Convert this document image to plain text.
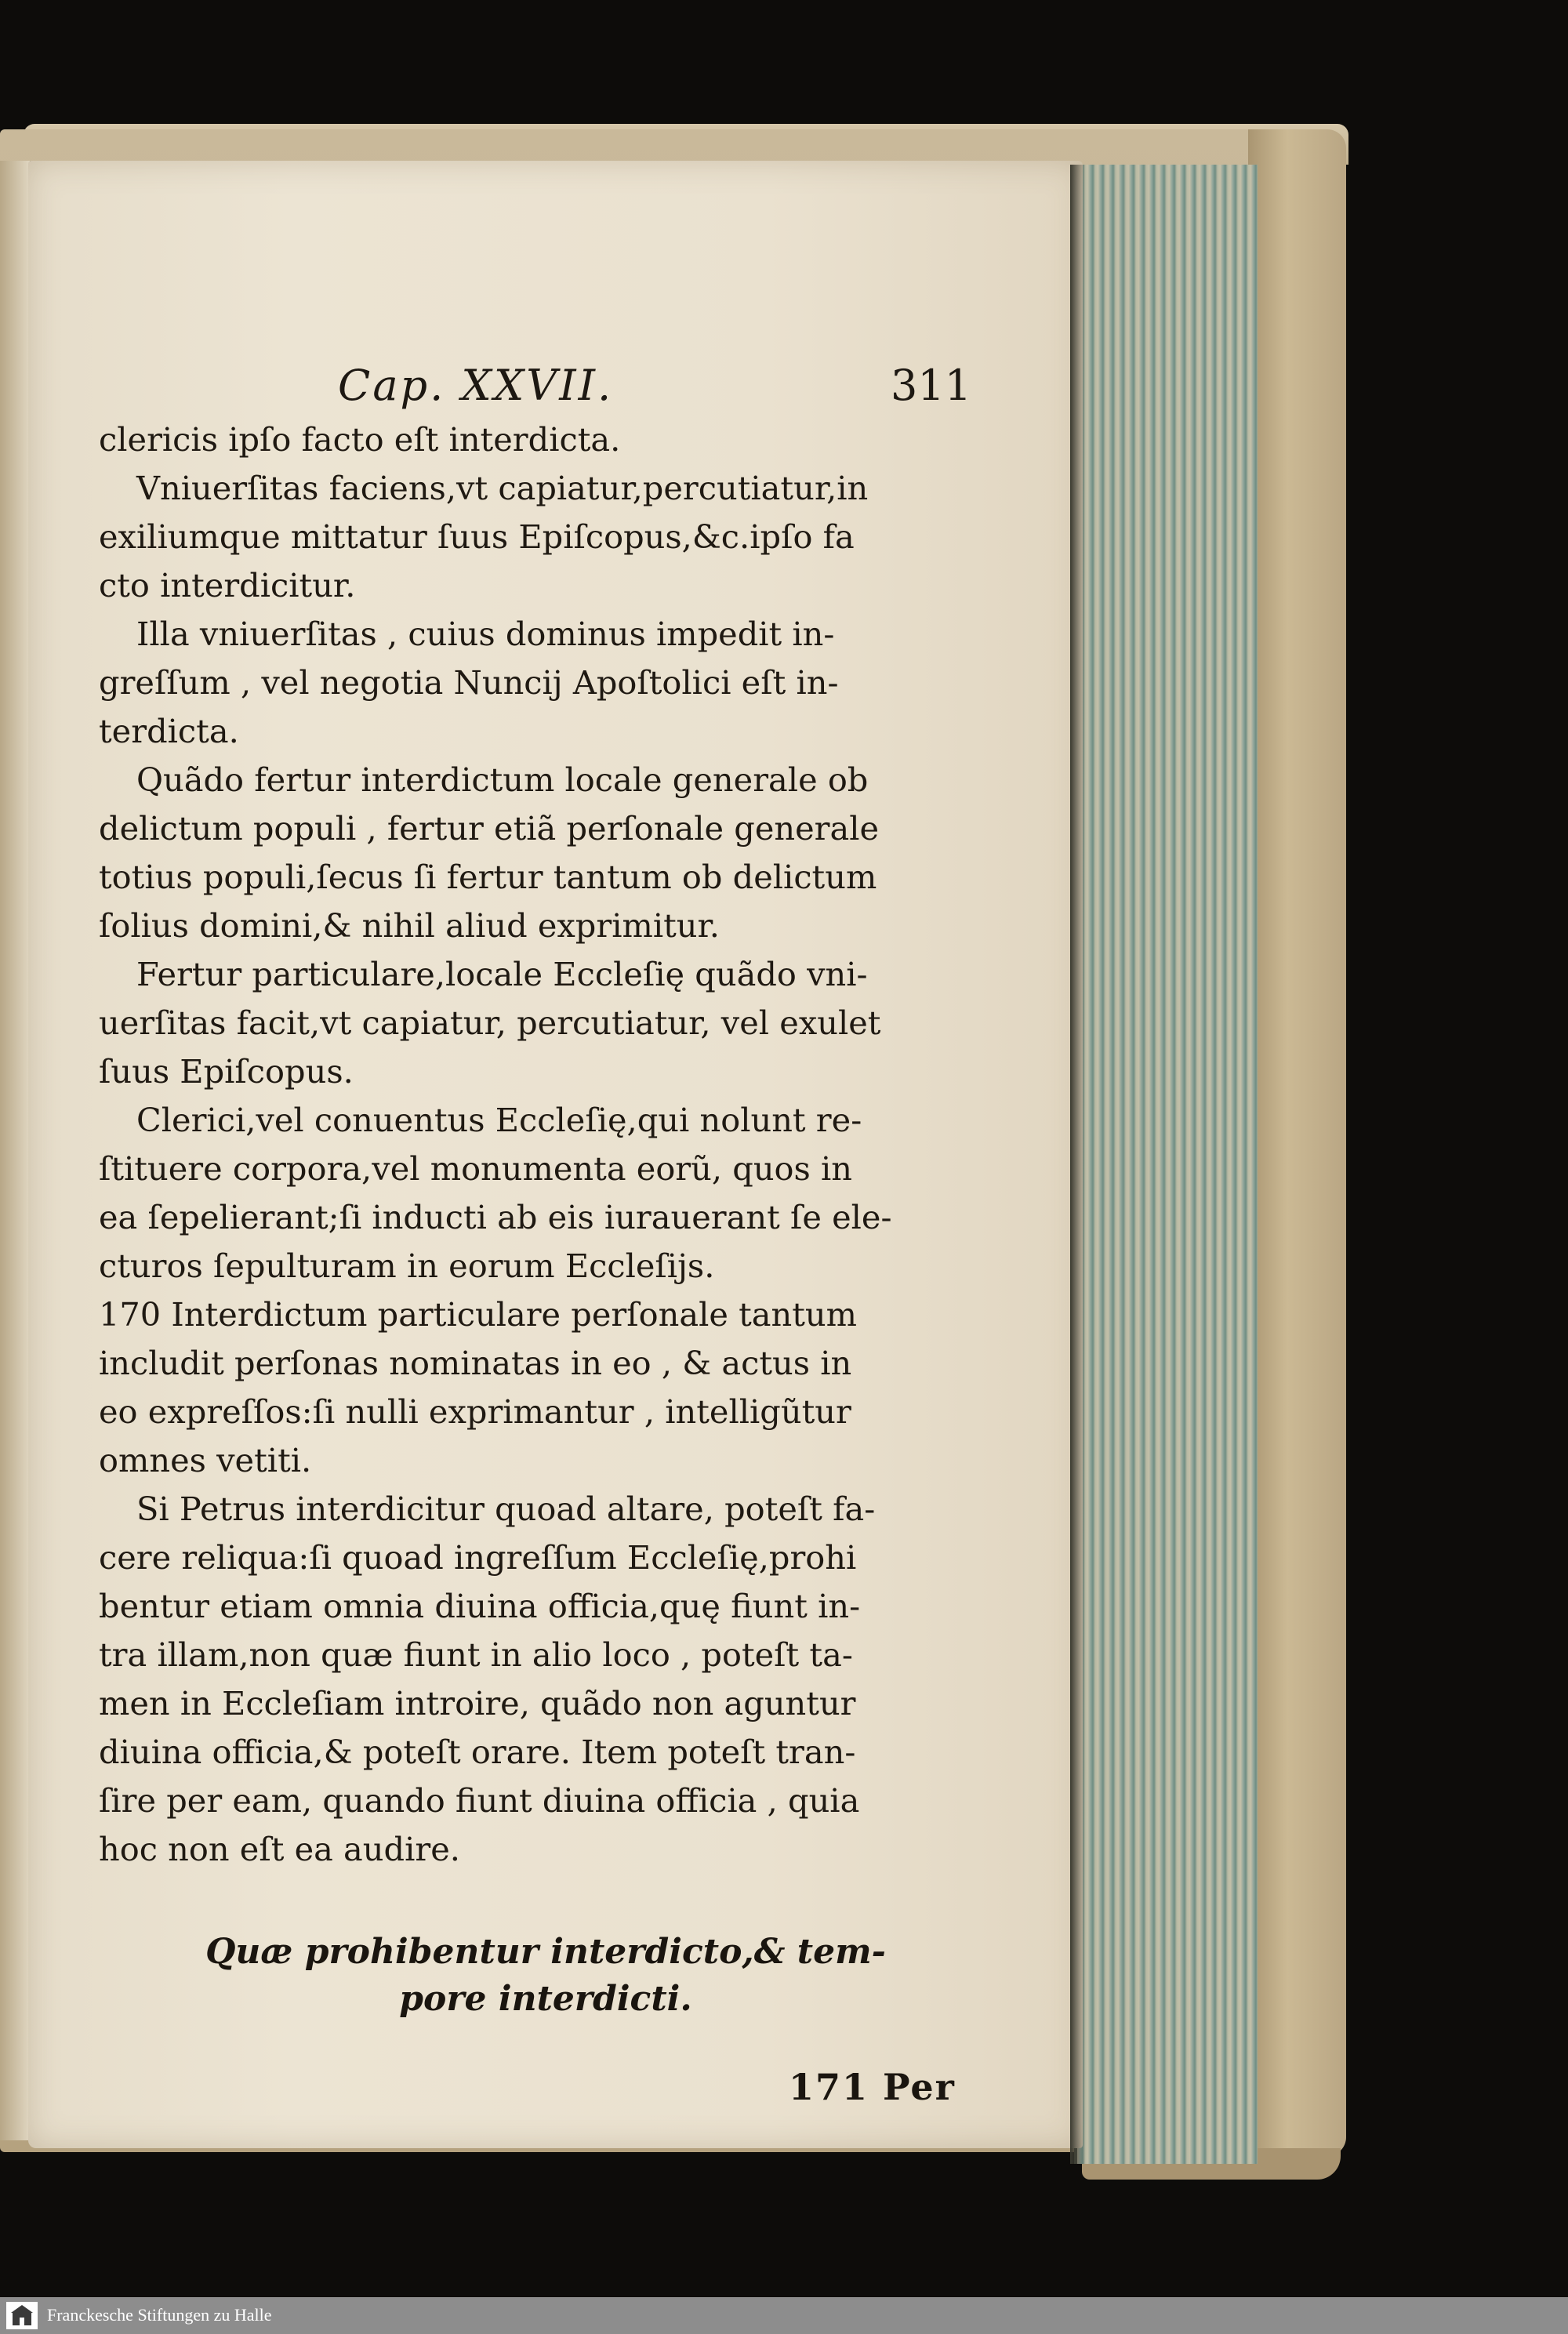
Cap. XXVII.	311

clericis ipſo facto eſt interdicta.

Vniuerſitas faciens,vt capiatur,percutiatur,in
exiliumque mittatur ſuus Epiſcopus,&c.ipſo fa
cto interdicitur.

Illa vniuerſitas , cuius dominus impedit in-
greſſum , vel negotia Nuncij Apoſtolici eſt in-
terdicta.

Quãdo fertur interdictum locale generale ob
delictum populi , fertur etiã perſonale generale
totius populi,ſecus ſi fertur tantum ob delictum
ſolius domini,& nihil aliud exprimitur.

Fertur particulare,locale Eccleſię quãdo vni-
uerſitas facit,vt capiatur, percutiatur, vel exulet
ſuus Epiſcopus.

Clerici,vel conuentus Eccleſię,qui nolunt re-
ſtituere corpora,vel monumenta eorũ, quos in
ea ſepelierant;ſi inducti ab eis iurauerant ſe ele-
cturos ſepulturam in eorum Eccleſijs.

170 Interdictum particulare perſonale tantum
includit perſonas nominatas in eo , & actus in
eo expreſſos:ſi nulli exprimantur , intelligũtur
omnes vetiti.

Si Petrus interdicitur quoad altare, poteſt fa-
cere reliqua:ſi quoad ingreſſum Eccleſię,prohi
bentur etiam omnia diuina officia,quę fiunt in-
tra illam,non quæ fiunt in alio loco , poteſt ta-
men in Eccleſiam introire, quãdo non aguntur
diuina officia,& poteſt orare. Item poteſt tran-
ſire per eam, quando fiunt diuina officia , quia
hoc non eſt ea audire.

Quæ prohibentur interdicto,& tem-
pore interdicti.
171 Per
Franckesche Stiftungen zu Halle
